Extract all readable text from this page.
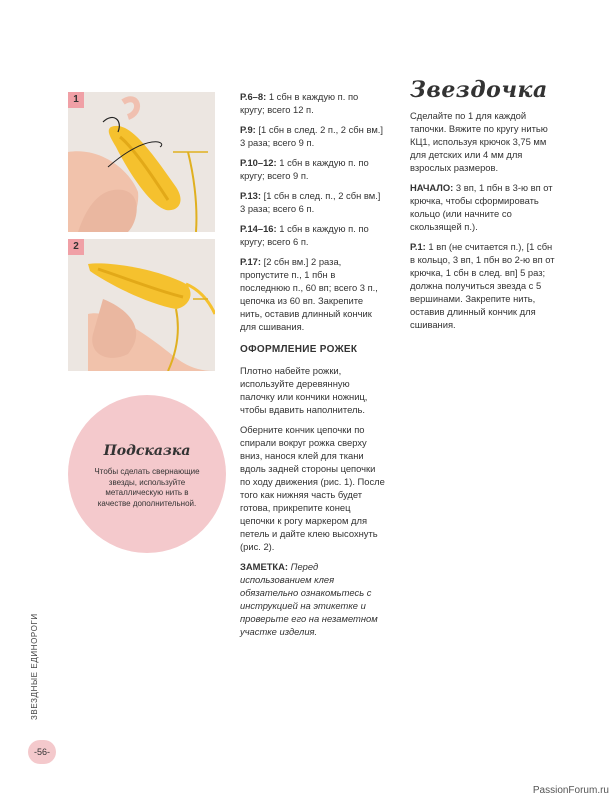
1
2

Р.6–8: 1 сбн в каждую п. по кругу; всего 12 п.

Р.9: [1 сбн в след. 2 п., 2 сбн вм.] 3 раза; всего 9 п.

Р.10–12: 1 сбн в каждую п. по кругу; всего 9 п.

Р.13: [1 сбн в след. п., 2 сбн вм.] 3 раза; всего 6 п.

Р.14–16: 1 сбн в каждую п. по кругу; всего 6 п.

Р.17: [2 сбн вм.] 2 раза, пропустите п., 1 пбн в последнюю п., 60 вп; всего 3 п., цепочка из 60 вп. Закрепите нить, оставив длинный кончик для сшивания.

ОФОРМЛЕНИЕ РОЖЕК

Плотно набейте рожки, используйте деревянную палочку или кончики ножниц, чтобы вдавить наполнитель.

Оберните кончик цепочки по спирали вокруг рожка сверху вниз, нанося клей для ткани вдоль задней стороны цепочки по ходу движения (рис. 1). После того как нижняя часть будет готова, прикрепите конец цепочки к рогу маркером для петель и дайте клею высохнуть (рис. 2).

ЗАМЕТКА: Перед использованием клея обязательно ознакомьтесь с инструкцией на этикетке и проверьте его на незаметном участке изделия.

Звездочка

Сделайте по 1 для каждой тапочки. Вяжите по кругу нитью КЦ1, используя крючок 3,75 мм для детских или 4 мм для взрослых размеров.

НАЧАЛО: 3 вп, 1 пбн в 3-ю вп от крючка, чтобы сформировать кольцо (или начните со скользящей п.).

Р.1: 1 вп (не считается п.), [1 сбн в кольцо, 3 вп, 1 пбн во 2-ю вп от крючка, 1 сбн в след. вп] 5 раз; должна получиться звезда с 5 вершинами. Закрепите нить, оставив длинный кончик для сшивания.

Подсказка
Чтобы сделать свернающие звезды, используйте металлическую нить в качестве дополнительной.
ЗВЕЗДНЫЕ ЕДИНОРОГИ
-56-
PassionForum.ru
